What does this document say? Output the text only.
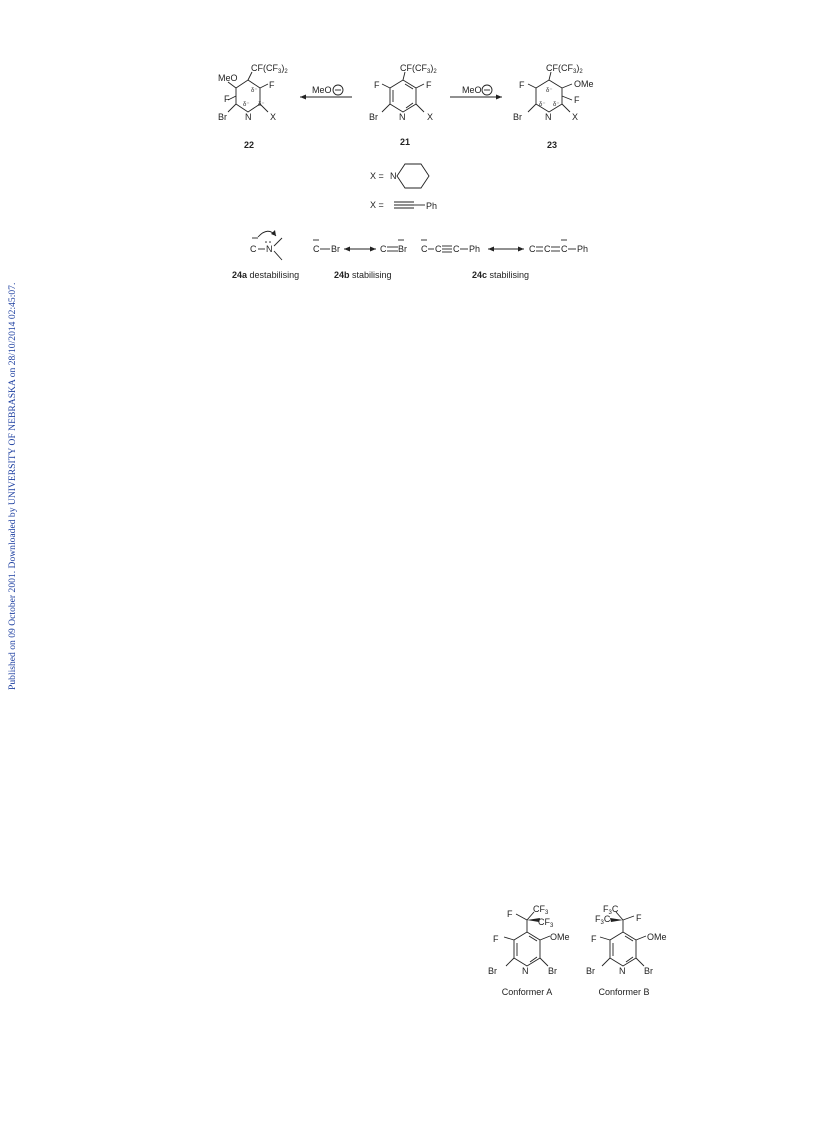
Published on 09 October 2001. Downloaded by UNIVERSITY OF NEBRASKA on 28/10/2014 02:45:07.
$CF(CF_3)_2$
MeO
F
F
Br N X
δ⁻
δ⁻ δ⁻
22
MeO
$CF(CF_3)_2$
F	F
Br N X
21
MeO
$CF(CF_3)_2$
F	OMe
F
Br	N X
δ⁻
δ⁻ δ⁻
23
X = N
X =	Ph
C N
24a destabilising
C Br	C Br
24b stabilising
C C C Ph	C C C Ph
24c stabilising
F $CF_3$
$CF_3$
F	OMe
Br	N Br
Conformer A
$F_3C$
$F_3C$	F
F	OMe
Br	N Br
Conformer B
